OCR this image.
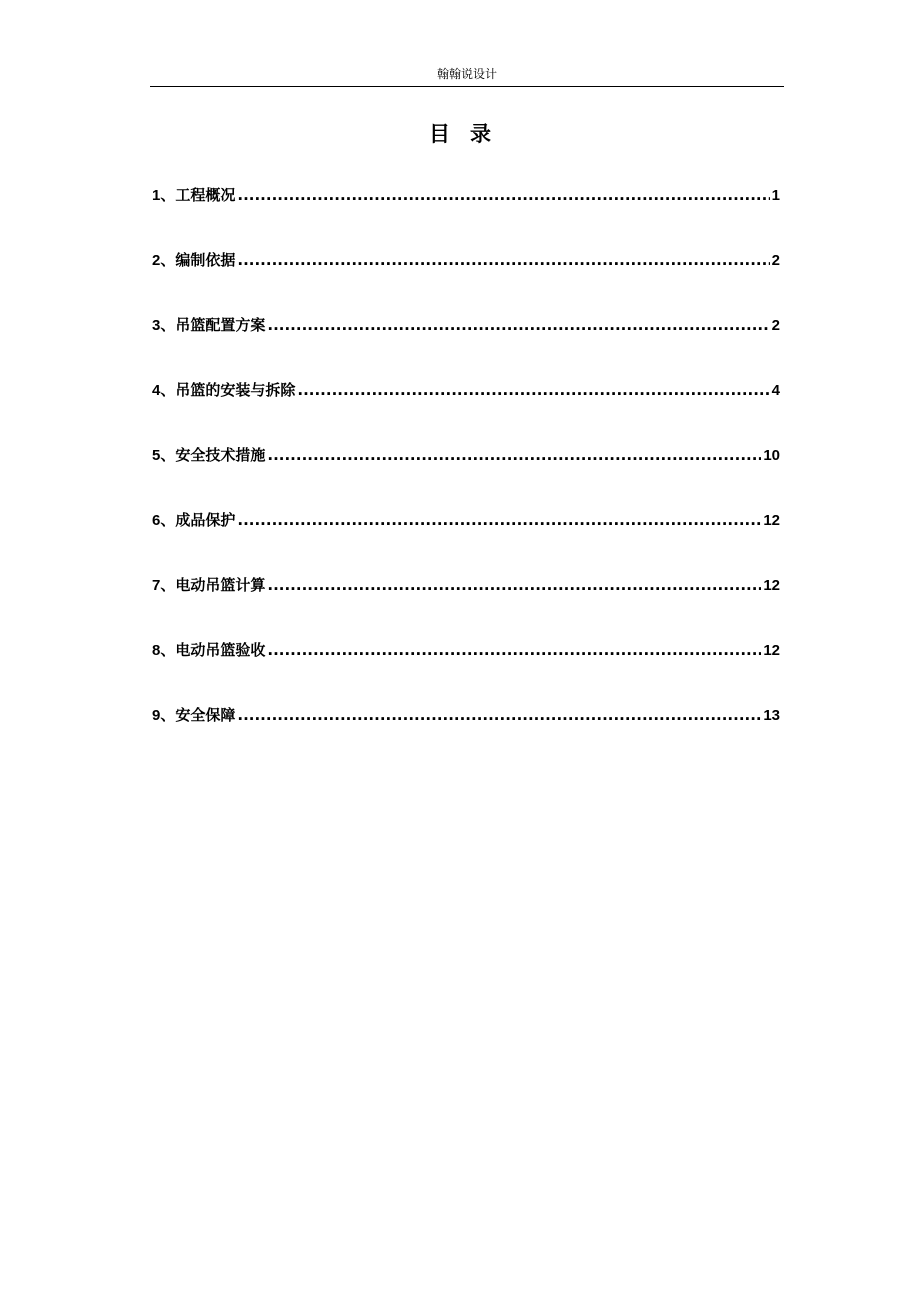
翰翰说设计
目录
1、工程概况 .....	1
2、编制依据 .....	2
3、吊篮配置方案 .....	2
4、吊篮的安装与拆除 .....	4
5、安全技术措施 .....	10
6、成品保护 .....	12
7、电动吊篮计算 .....	12
8、电动吊篮验收 .....	12
9、安全保障 .....	13
